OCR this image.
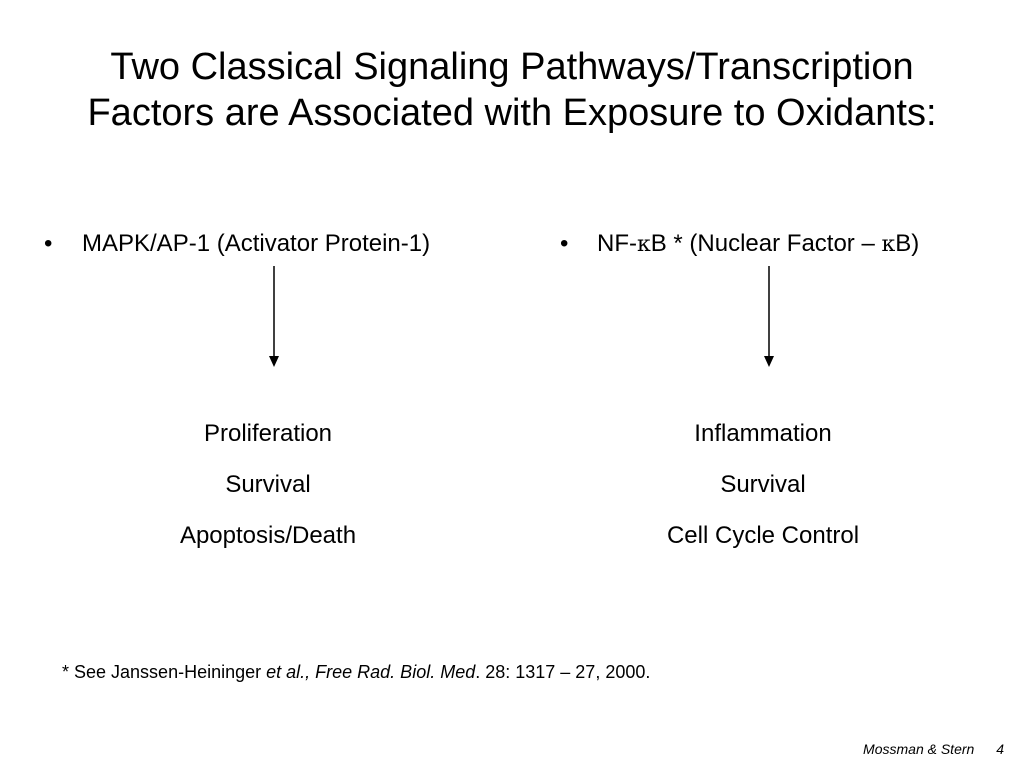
Two Classical Signaling Pathways/Transcription
Factors are Associated with Exposure to Oxidants:
• MAPK/AP-1 (Activator Protein-1)
Proliferation
Survival
Apoptosis/Death
• NF-κB * (Nuclear Factor – κB)
Inflammation
Survival
Cell Cycle Control
* See Janssen-Heininger et al., Free Rad. Biol. Med. 28: 1317 – 27, 2000.
Mossman & Stern 4
